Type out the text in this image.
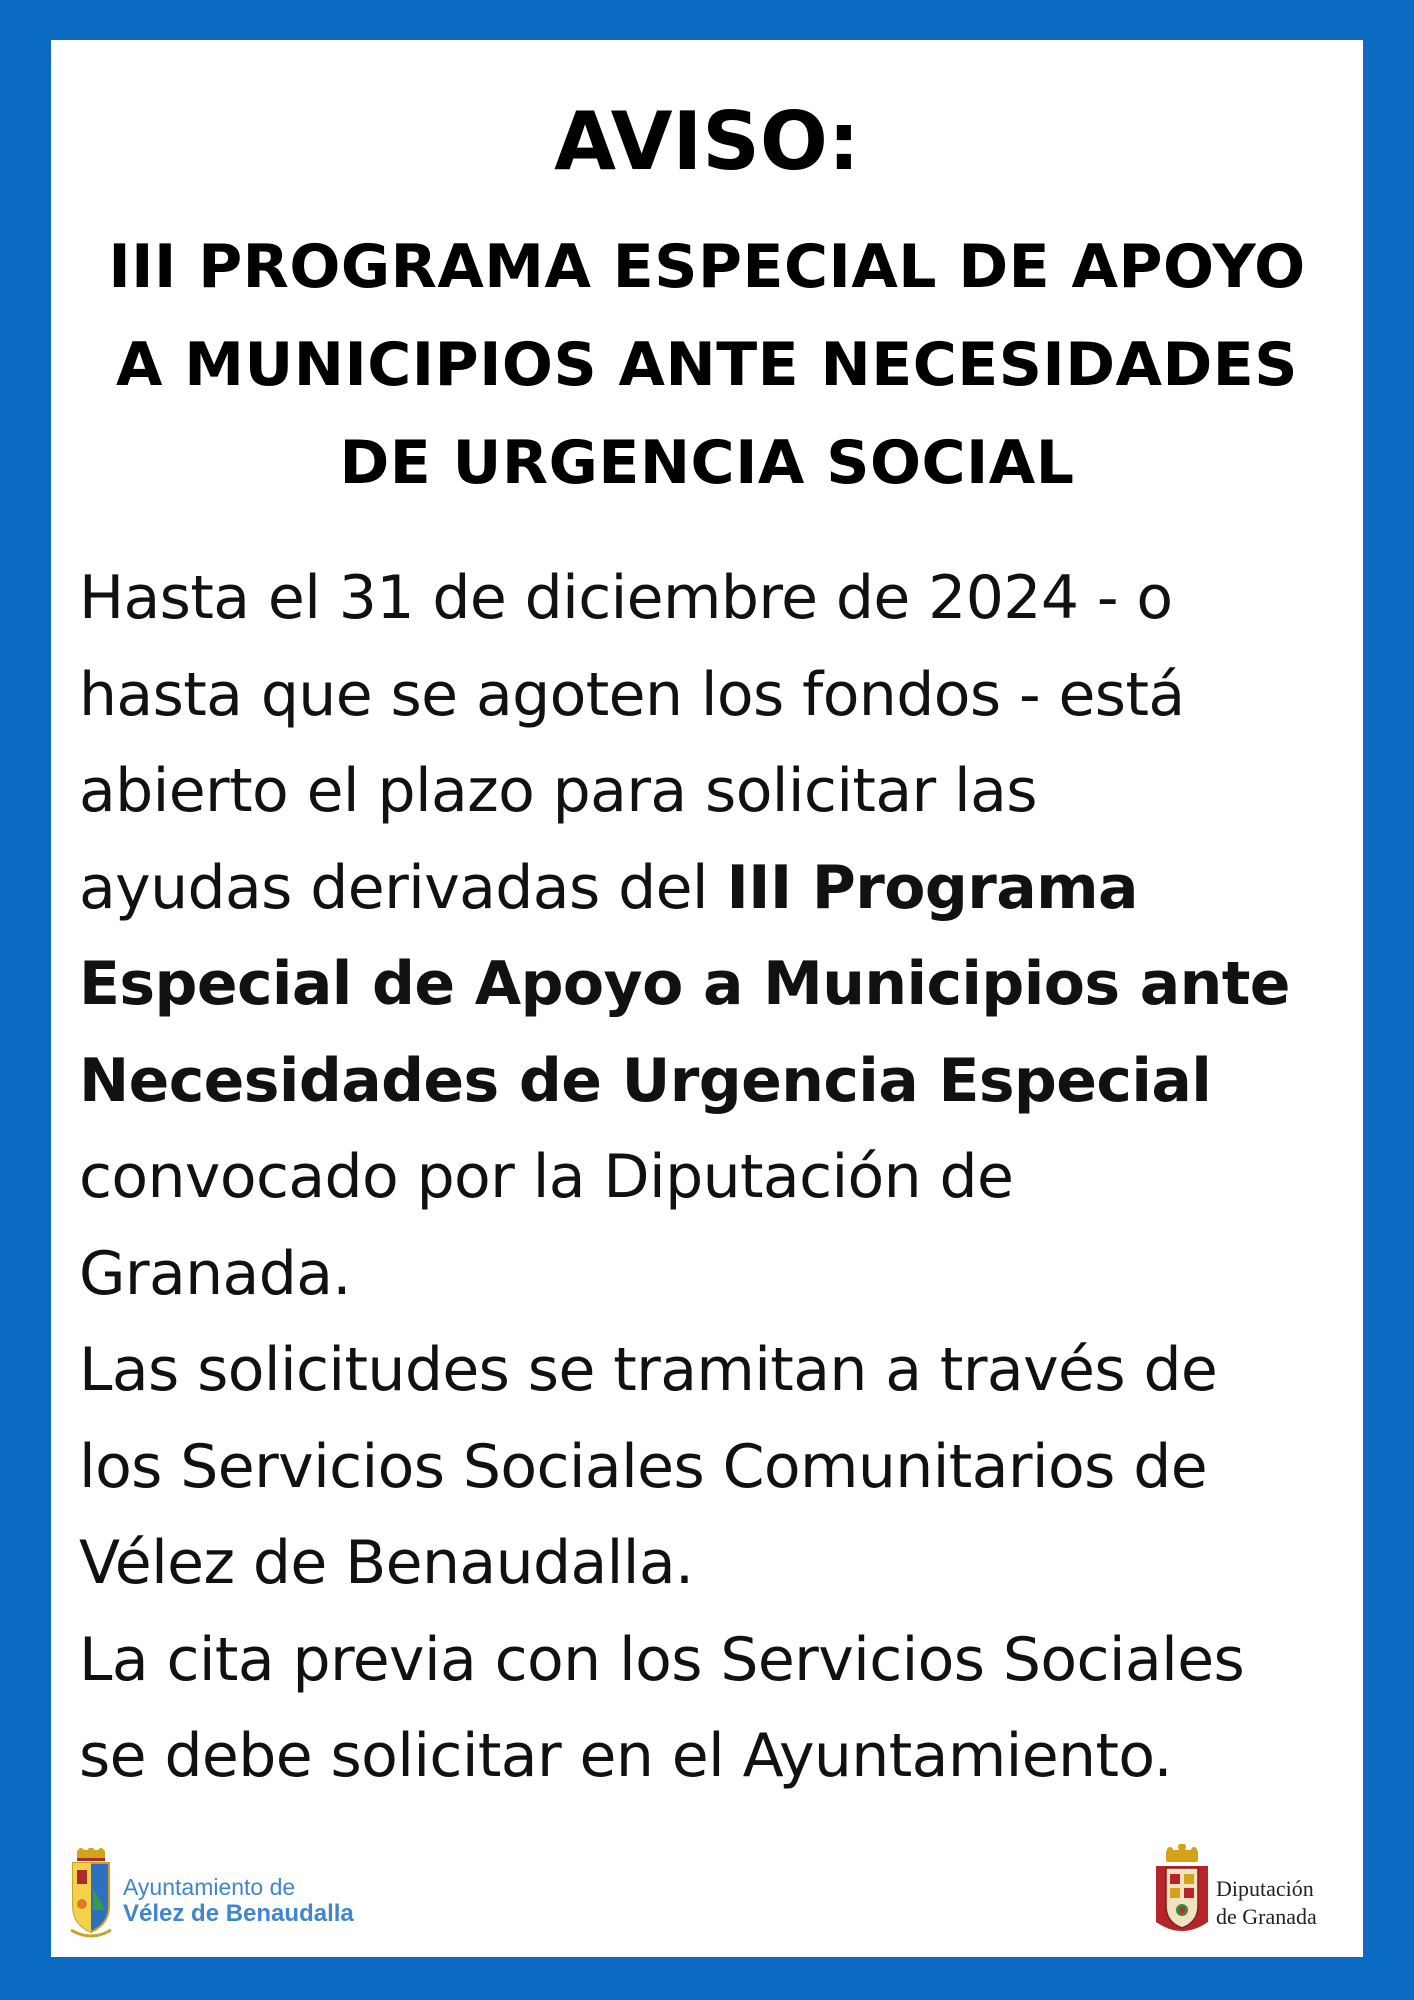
AVISO:
III PROGRAMA ESPECIAL DE APOYO
A MUNICIPIOS ANTE NECESIDADES
DE URGENCIA SOCIAL
Hasta el 31 de diciembre de 2024 - o
hasta que se agoten los fondos - está
abierto el plazo para solicitar las
ayudas derivadas del III Programa
Especial de Apoyo a Municipios ante
Necesidades de Urgencia Especial
convocado por la Diputación de
Granada.
Las solicitudes se tramitan a través de
los Servicios Sociales Comunitarios de
Vélez de Benaudalla.
La cita previa con los Servicios Sociales
se debe solicitar en el Ayuntamiento.
Ayuntamiento de
Vélez de Benaudalla
Diputación
de Granada
